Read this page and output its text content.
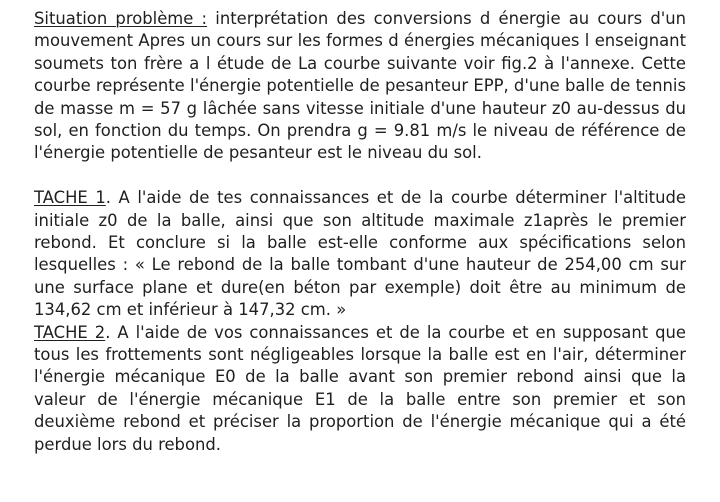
Situation problème : interprétation des conversions d énergie au cours d'un mouvement Apres un cours sur les formes d énergies mécaniques l enseignant soumets ton frère a l étude de La courbe suivante voir fig.2 à l'annexe. Cette courbe représente l'énergie potentielle de pesanteur EPP, d'une balle de tennis de masse m = 57 g lâchée sans vitesse initiale d'une hauteur z0 au-dessus du sol, en fonction du temps. On prendra g = 9.81 m/s le niveau de référence de l'énergie potentielle de pesanteur est le niveau du sol.

TACHE 1. A l'aide de tes connaissances et de la courbe déterminer l'altitude initiale z0 de la balle, ainsi que son altitude maximale z1après le premier rebond. Et conclure si la balle est-elle conforme aux spécifications selon lesquelles : « Le rebond de la balle tombant d'une hauteur de 254,00 cm sur une surface plane et dure(en béton par exemple) doit être au minimum de 134,62 cm et inférieur à 147,32 cm. »

TACHE 2. A l'aide de vos connaissances et de la courbe et en supposant que tous les frottements sont négligeables lorsque la balle est en l'air, déterminer l'énergie mécanique E0 de la balle avant son premier rebond ainsi que la valeur de l'énergie mécanique E1 de la balle entre son premier et son deuxième rebond et préciser la proportion de l'énergie mécanique qui a été perdue lors du rebond.
